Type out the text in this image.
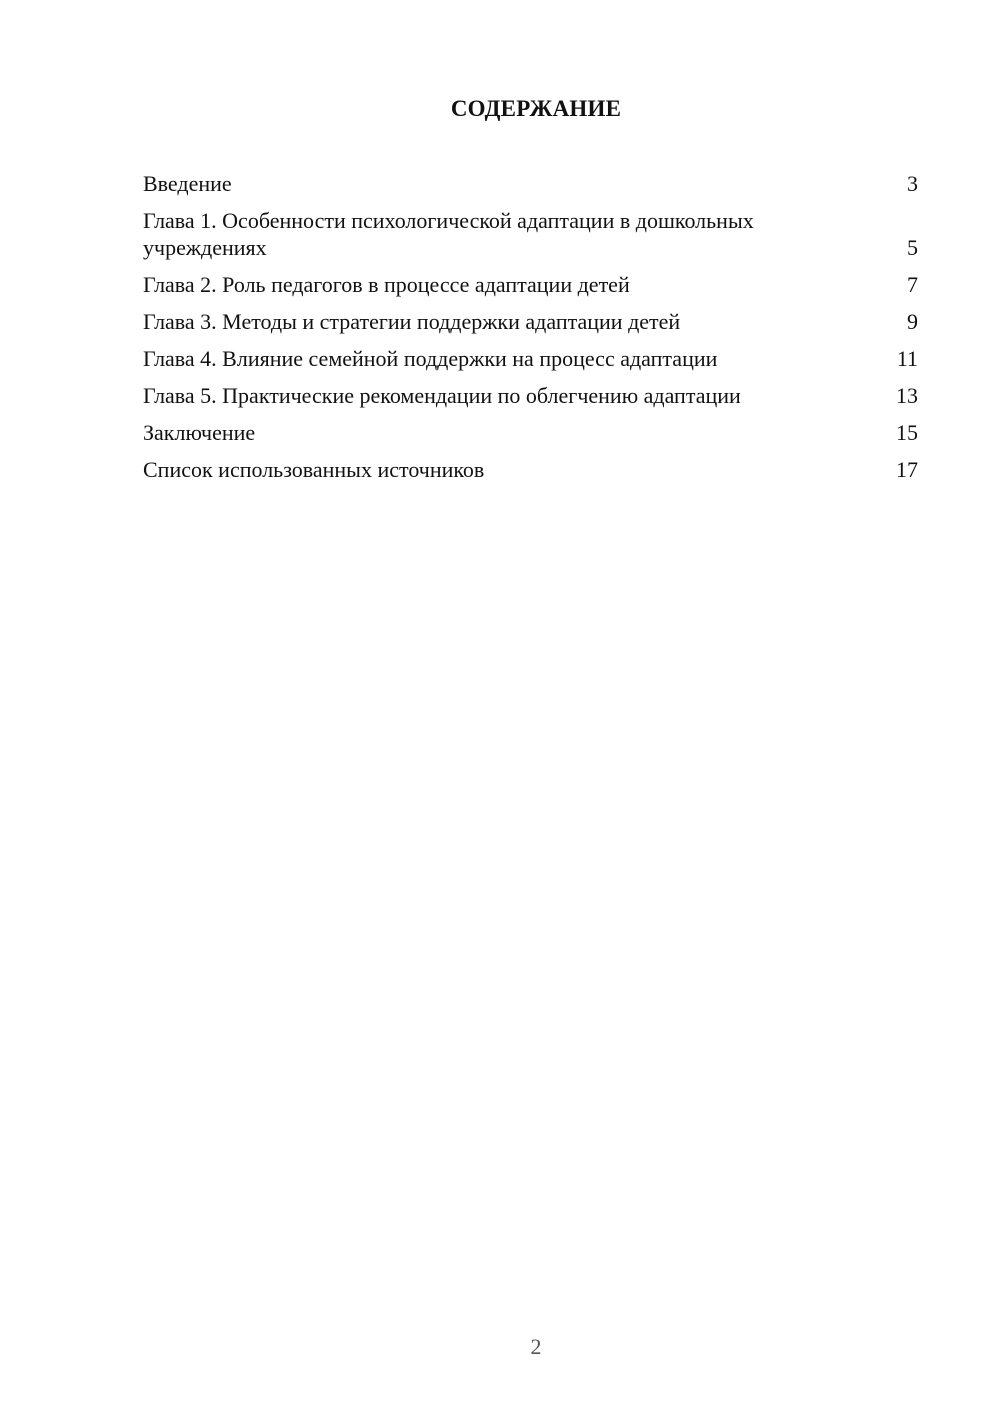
СОДЕРЖАНИЕ
Введение	3
Глава 1. Особенности психологической адаптации в дошкольных учреждениях	5
Глава 2. Роль педагогов в процессе адаптации детей	7
Глава 3. Методы и стратегии поддержки адаптации детей	9
Глава 4. Влияние семейной поддержки на процесс адаптации	11
Глава 5. Практические рекомендации по облегчению адаптации	13
Заключение	15
Список использованных источников	17
2
